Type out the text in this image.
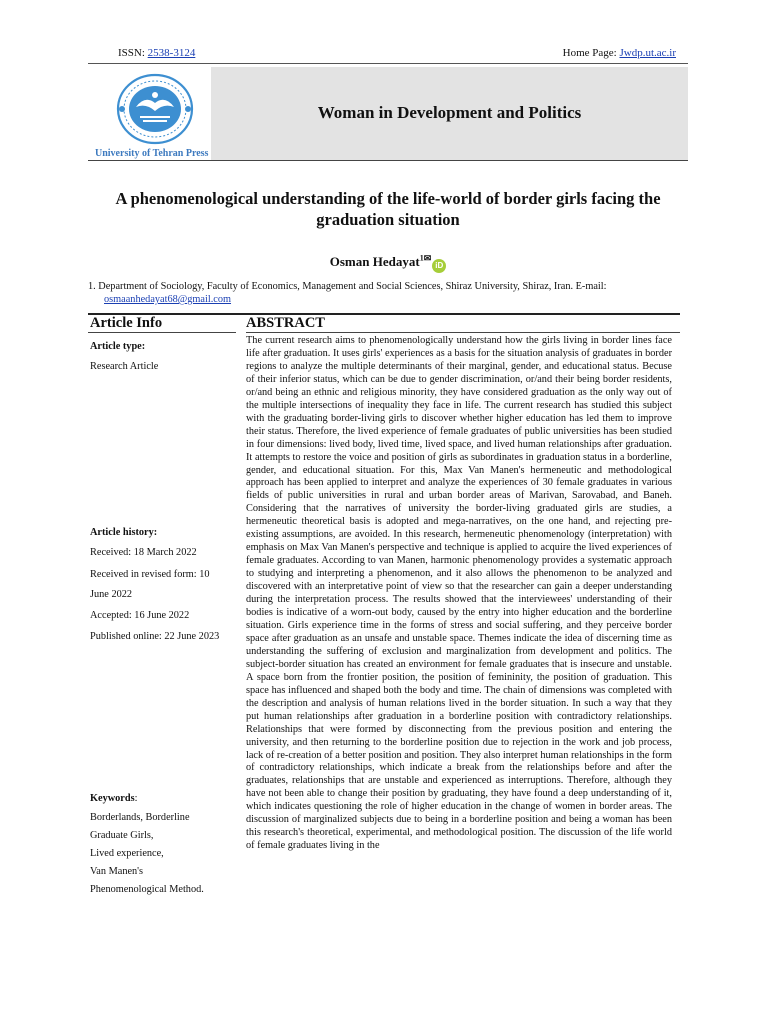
ISSN: 2538-3124	Home Page: Jwdp.ut.ac.ir
University of Tehran Press
Woman in Development and Politics
A phenomenological understanding of the life-world of border girls facing the graduation situation
Osman Hedayat$^{1✉}$iD
1. Department of Sociology, Faculty of Economics, Management and Social Sciences, Shiraz University, Shiraz, Iran. E-mail:
osmaanhedayat68@gmail.com
Article Info	ABSTRACT
Article type:
Research Article
Article history:
Received: 18 March 2022
Received in revised form: 10
June 2022
Accepted: 16 June 2022
Published online: 22 June 2023
Keywords:
Borderlands, Borderline
Graduate Girls,
Lived experience,
Van Manen's
Phenomenological Method.
The current research aims to phenomenologically understand how the girls living in border lines face life after graduation. It uses girls' experiences as a basis for the situation analysis of graduates in border regions to analyze the multiple determinants of their marginal, gender, and educational status. Becuse of their inferior status, which can be due to gender discrimination, or/and their being border residents, or/and being an ethnic and religious minority, they have considered graduation as the only way out of the multiple intersections of inequality they face in life. The current research has studied this subject with the graduating border-living girls to discover whether higher education has led them to improve their status. Therefore, the lived experience of female graduates of public universities has been studied in four dimensions: lived body, lived time, lived space, and lived human relationships after graduation. It attempts to restore the voice and position of girls as subordinates in graduation status in a borderline, gender, and educational situation. For this, Max Van Manen's hermeneutic and methodological approach has been applied to interpret and analyze the experiences of 30 female graduates in various fields of public universities in rural and urban border areas of Marivan, Sarovabad, and Baneh. Considering that the narratives of university the border-living graduated girls are studies, a hermeneutic theoretical basis is adopted and mega-narratives, on the one hand, and rejecting pre-existing assumptions, are avoided. In this research, hermeneutic phenomenology (interpretation) with emphasis on Max Van Manen's perspective and technique is applied to acquire the lived experiences of female graduates. According to van Manen, harmonic phenomenology provides a systematic approach to studying and interpreting a phenomenon, and it also allows the phenomenon to be analyzed and discovered with an interpretative point of view so that the researcher can gain a deeper understanding during the interpretation process. The results showed that the interviewees' understanding of their bodies is indicative of a worn-out body, caused by the entry into higher education and the borderline situation. Girls experience time in the forms of stress and social suffering, and they perceive border space after graduation as an unsafe and unstable space. Themes indicate the idea of discerning time as understanding the suffering of exclusion and marginalization from development and politics. The subject-border situation has created an environment for female graduates that is insecure and unstable. A space born from the frontier position, the position of femininity, the position of graduation. This space has influenced and shaped both the body and time. The chain of dimensions was completed with the description and analysis of human relations lived in the border situation. In such a way that they put human relationships after graduation in a borderline position with contradictory relationships. Relationships that were formed by disconnecting from the previous position and entering the university, and then returning to the borderline position due to rejection in the work and job process, lack of re-creation of a better position and position. They also interpret human relationships in the form of contradictory relationships, which indicate a break from the relationships before and after the graduates, relationships that are unstable and experienced as interruptions. Therefore, although they have not been able to change their position by graduating, they have found a deep understanding of it, which indicates questioning the role of higher education in the change of women in border areas. The discussion of marginalized subjects due to being in a borderline position and being a woman has been this research's theoretical, experimental, and methodological position. The discussion of the life world of female graduates living in the
